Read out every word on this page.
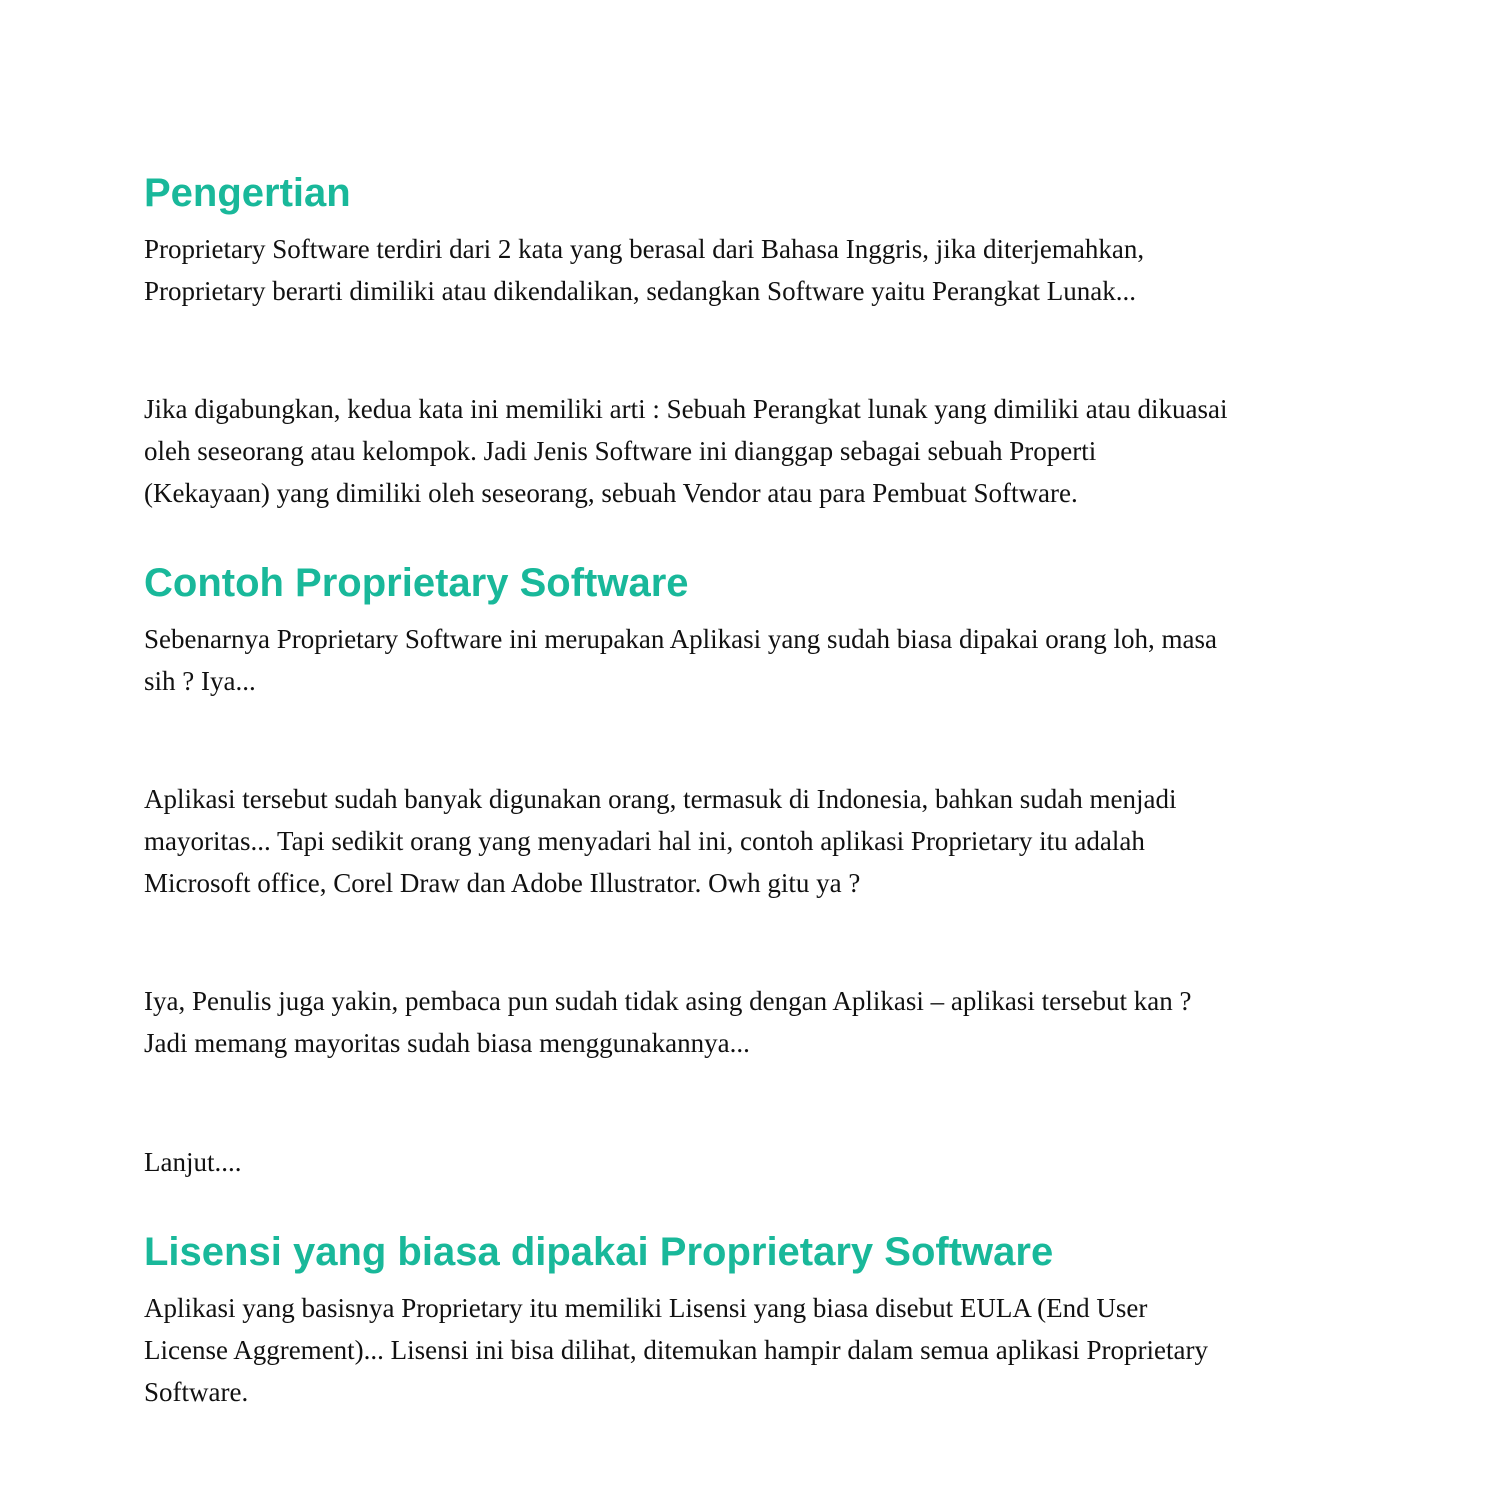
Pengertian

Proprietary Software terdiri dari 2 kata yang berasal dari Bahasa Inggris, jika diterjemahkan,
Proprietary berarti dimiliki atau dikendalikan, sedangkan Software yaitu Perangkat Lunak...

Jika digabungkan, kedua kata ini memiliki arti : Sebuah Perangkat lunak yang dimiliki atau dikuasai
oleh seseorang atau kelompok. Jadi Jenis Software ini dianggap sebagai sebuah Properti
(Kekayaan) yang dimiliki oleh seseorang, sebuah Vendor atau para Pembuat Software.

Contoh Proprietary Software

Sebenarnya Proprietary Software ini merupakan Aplikasi yang sudah biasa dipakai orang loh, masa
sih ? Iya...

Aplikasi tersebut sudah banyak digunakan orang, termasuk di Indonesia, bahkan sudah menjadi
mayoritas... Tapi sedikit orang yang menyadari hal ini, contoh aplikasi Proprietary itu adalah
Microsoft office, Corel Draw dan Adobe Illustrator. Owh gitu ya ?

Iya, Penulis juga yakin, pembaca pun sudah tidak asing dengan Aplikasi – aplikasi tersebut kan ?
Jadi memang mayoritas sudah biasa menggunakannya...

Lanjut....

Lisensi yang biasa dipakai Proprietary Software

Aplikasi yang basisnya Proprietary itu memiliki Lisensi yang biasa disebut EULA (End User
License Aggrement)... Lisensi ini bisa dilihat, ditemukan hampir dalam semua aplikasi Proprietary
Software.
